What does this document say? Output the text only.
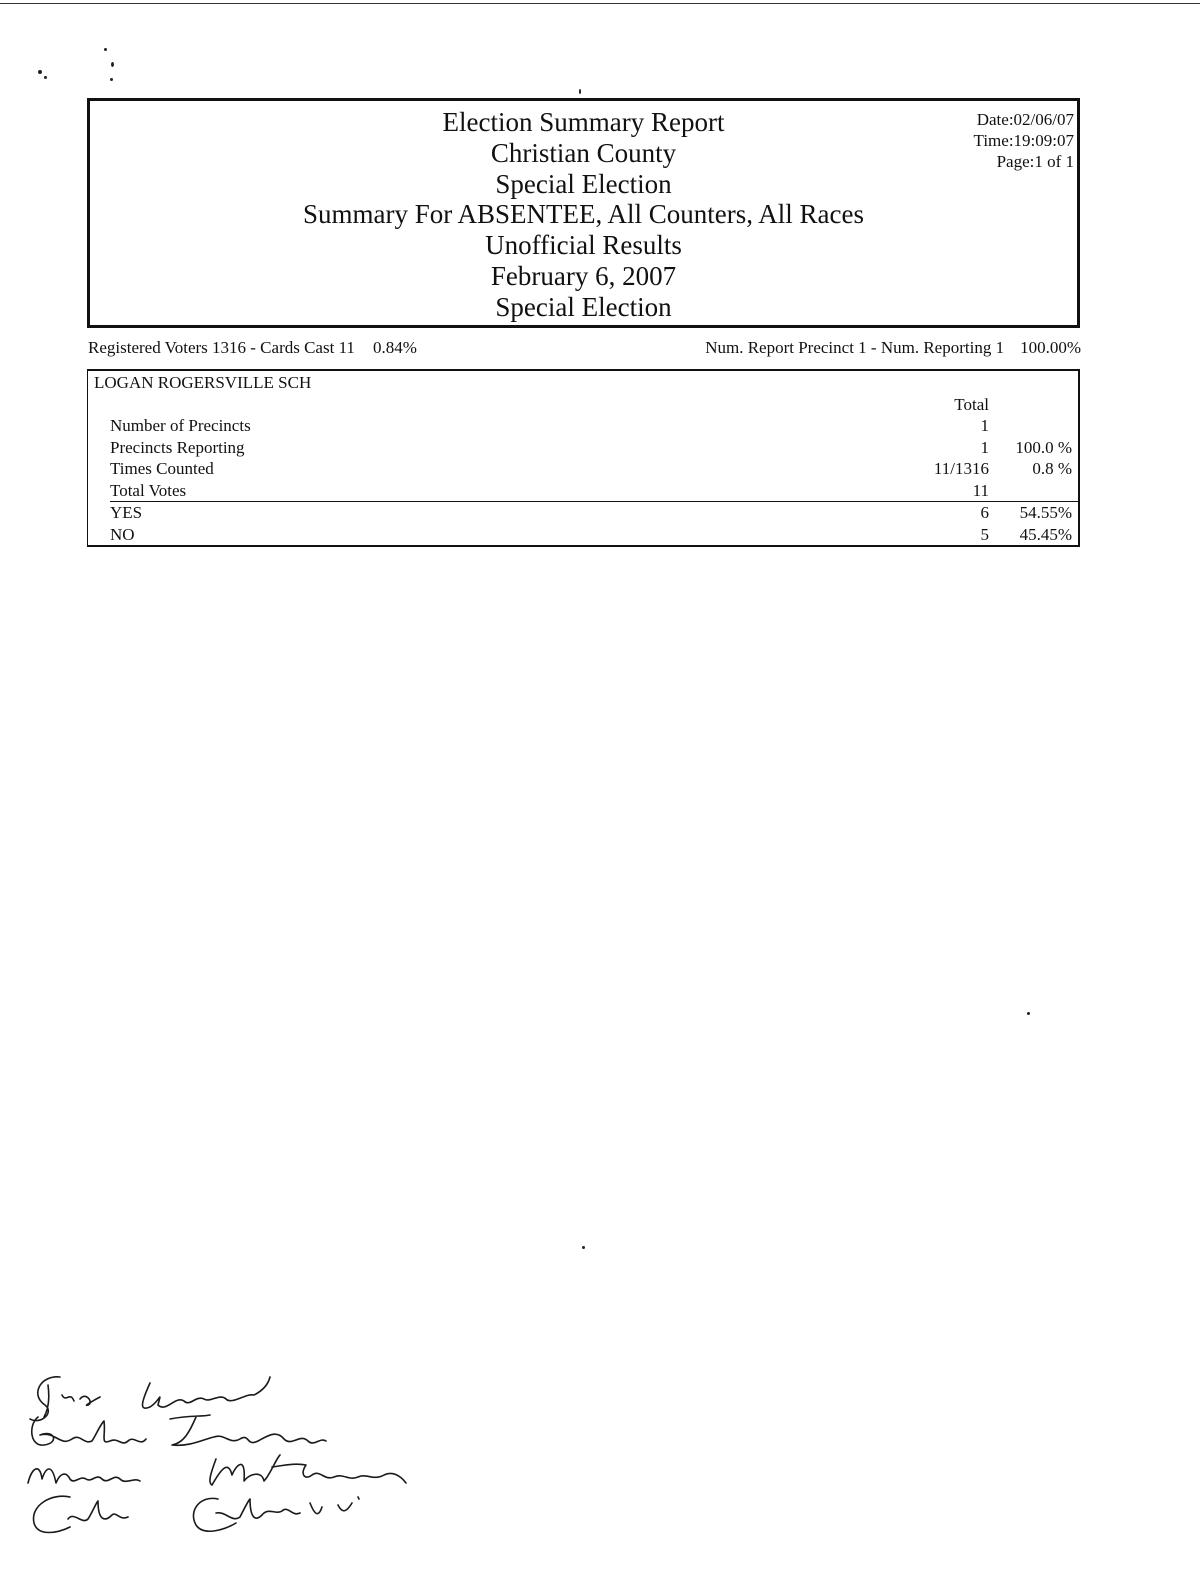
Election Summary Report
Christian County
Special Election
Summary For ABSENTEE, All Counters, All Races
Unofficial Results
February 6, 2007
Special Election
Date:02/06/07
Time:19:09:07
Page:1 of 1
Registered Voters 1316 - Cards Cast 11 0.84%	Num. Report Precinct 1 - Num. Reporting 1 100.00%
LOGAN ROGERSVILLE SCH
Total
Number of Precincts	1
Precincts Reporting	1 100.0 %
Times Counted	11/1316	0.8 %
Total Votes	11
YES	6 54.55%
NO	5 45.45%
